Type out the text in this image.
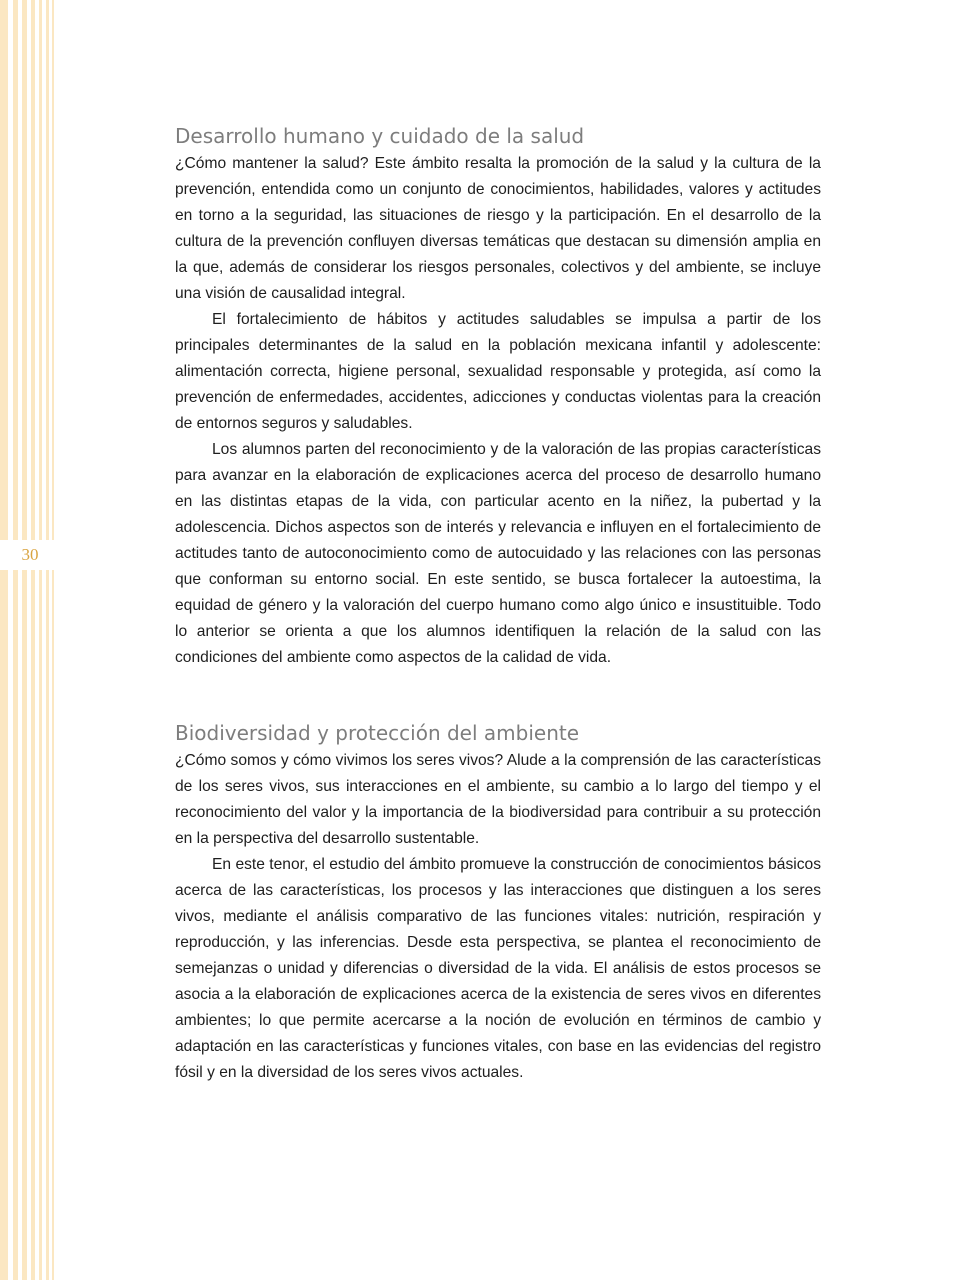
30
Desarrollo humano y cuidado de la salud

¿Cómo mantener la salud? Este ámbito resalta la promoción de la salud y la cultura de la prevención, entendida como un conjunto de conocimientos, habilidades, valores y actitudes en torno a la seguridad, las situaciones de riesgo y la participación. En el desarrollo de la cultura de la prevención confluyen diversas temáticas que destacan su dimensión amplia en la que, además de considerar los riesgos personales, colectivos y del ambiente, se incluye una visión de causalidad integral.

El fortalecimiento de hábitos y actitudes saludables se impulsa a partir de los principales determinantes de la salud en la población mexicana infantil y adolescente: alimentación correcta, higiene personal, sexualidad responsable y protegida, así como la prevención de enfermedades, accidentes, adicciones y conductas violentas para la creación de entornos seguros y saludables.

Los alumnos parten del reconocimiento y de la valoración de las propias características para avanzar en la elaboración de explicaciones acerca del proceso de desarrollo humano en las distintas etapas de la vida, con particular acento en la niñez, la pubertad y la adolescencia. Dichos aspectos son de interés y relevancia e influyen en el fortalecimiento de actitudes tanto de autoconocimiento como de autocuidado y las relaciones con las personas que conforman su entorno social. En este sentido, se busca fortalecer la autoestima, la equidad de género y la valoración del cuerpo humano como algo único e insustituible. Todo lo anterior se orienta a que los alumnos identifiquen la relación de la salud con las condiciones del ambiente como aspectos de la calidad de vida.

Biodiversidad y protección del ambiente

¿Cómo somos y cómo vivimos los seres vivos? Alude a la comprensión de las características de los seres vivos, sus interacciones en el ambiente, su cambio a lo largo del tiempo y el reconocimiento del valor y la importancia de la biodiversidad para contribuir a su protección en la perspectiva del desarrollo sustentable.

En este tenor, el estudio del ámbito promueve la construcción de conocimientos básicos acerca de las características, los procesos y las interacciones que distinguen a los seres vivos, mediante el análisis comparativo de las funciones vitales: nutrición, respiración y reproducción, y las inferencias. Desde esta perspectiva, se plantea el reconocimiento de semejanzas o unidad y diferencias o diversidad de la vida. El análisis de estos procesos se asocia a la elaboración de explicaciones acerca de la existencia de seres vivos en diferentes ambientes; lo que permite acercarse a la noción de evolución en términos de cambio y adaptación en las características y funciones vitales, con base en las evidencias del registro fósil y en la diversidad de los seres vivos actuales.
